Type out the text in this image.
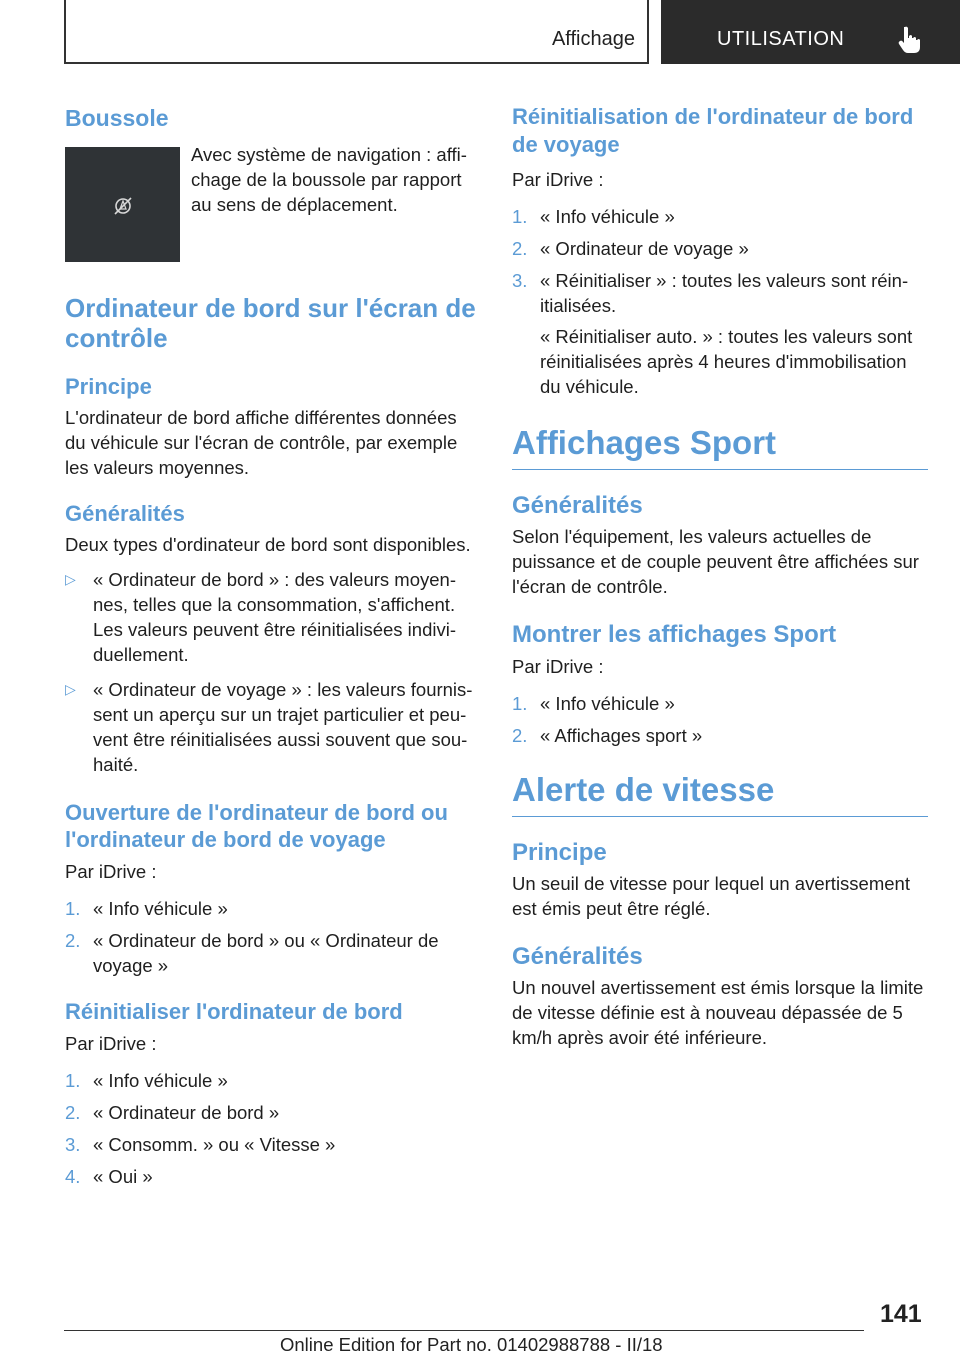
Affichage	UTILISATION
Boussole

Avec système de navigation : affichage de la boussole par rapport au sens de déplacement.

Ordinateur de bord sur l'écran de contrôle
Principe

L'ordinateur de bord affiche différentes données du véhicule sur l'écran de contrôle, par exemple les valeurs moyennes.

Généralités

Deux types d'ordinateur de bord sont disponibles.

▷ « Ordinateur de bord » : des valeurs moyennes, telles que la consommation, s'affichent. Les valeurs peuvent être réinitialisées individuellement.
▷ « Ordinateur de voyage » : les valeurs fournissent un aperçu sur un trajet particulier et peuvent être réinitialisées aussi souvent que souhaité.
Ouverture de l'ordinateur de bord ou l'ordinateur de bord de voyage

Par iDrive :

1. « Info véhicule »
2. « Ordinateur de bord » ou « Ordinateur de voyage »
Réinitialiser l'ordinateur de bord

Par iDrive :

1. « Info véhicule »
2. « Ordinateur de bord »
3. « Consomm. » ou « Vitesse »
4. « Oui »
Réinitialisation de l'ordinateur de bord de voyage

Par iDrive :

1. « Info véhicule »
2. « Ordinateur de voyage »
3. « Réinitialiser » : toutes les valeurs sont réinitialisées.
« Réinitialiser auto. » : toutes les valeurs sont réinitialisées après 4 heures d'immobilisation du véhicule.
Affichages Sport
Généralités

Selon l'équipement, les valeurs actuelles de puissance et de couple peuvent être affichées sur l'écran de contrôle.

Montrer les affichages Sport

Par iDrive :

1. « Info véhicule »
2. « Affichages sport »
Alerte de vitesse
Principe

Un seuil de vitesse pour lequel un avertissement est émis peut être réglé.

Généralités

Un nouvel avertissement est émis lorsque la limite de vitesse définie est à nouveau dépassée de 5 km/h après avoir été inférieure.

141
Online Edition for Part no. 01402988788 - II/18
